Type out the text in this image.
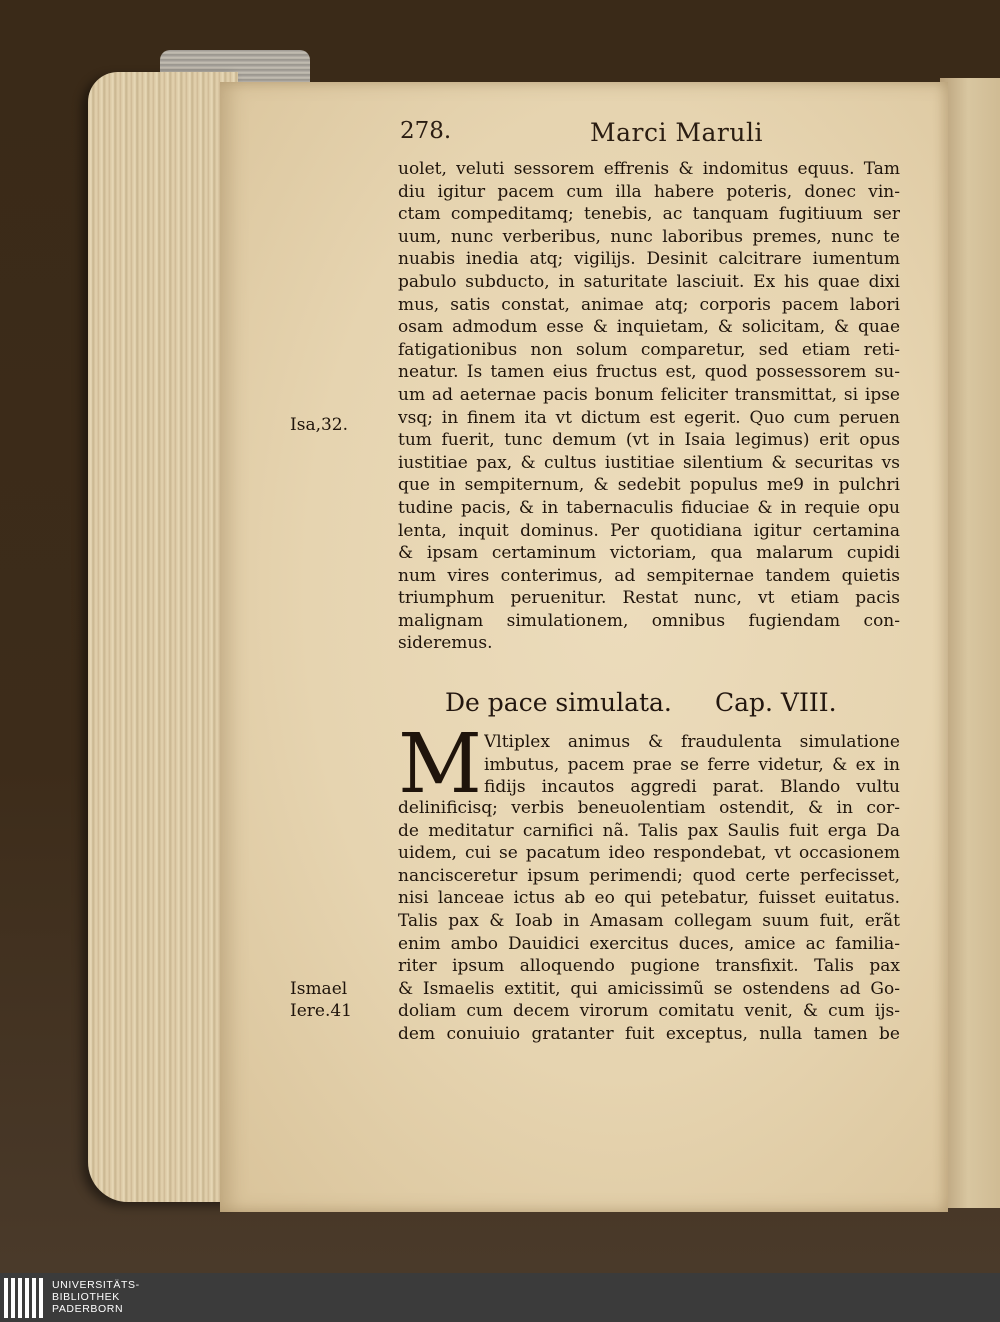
278.	Marci Maruli
Isa,32.
Ismael
Iere.41
uolet, veluti sessorem effrenis & indomitus equus. Tam
diu igitur pacem cum illa habere poteris, donec vin-
ctam compeditamq; tenebis, ac tanquam fugitiuum ser
uum, nunc verberibus, nunc laboribus premes, nunc te
nuabis inedia atq; vigilijs. Desinit calcitrare iumentum
pabulo subducto, in saturitate lasciuit. Ex his quae dixi
mus, satis constat, animae atq; corporis pacem labori
osam admodum esse & inquietam, & solicitam, & quae
fatigationibus non solum comparetur, sed etiam reti-
neatur. Is tamen eius fructus est, quod possessorem su-
um ad aeternae pacis bonum feliciter transmittat, si ipse
vsq; in finem ita vt dictum est egerit. Quo cum peruen
tum fuerit, tunc demum (vt in Isaia legimus) erit opus
iustitiae pax, & cultus iustitiae silentium & securitas vs
que in sempiternum, & sedebit populus me9 in pulchri
tudine pacis, & in tabernaculis fiduciae & in requie opu
lenta, inquit dominus. Per quotidiana igitur certamina
& ipsam certaminum victoriam, qua malarum cupidi
num vires conterimus, ad sempiternae tandem quietis
triumphum peruenitur. Restat nunc, vt etiam pacis
malignam simulationem, omnibus fugiendam con-
sideremus.
De pace simulata. Cap. VIII.
M Vltiplex animus & fraudulenta simulatione
imbutus, pacem prae se ferre videtur, & ex in
fidijs incautos aggredi parat. Blando vultu
delinificisq; verbis beneuolentiam ostendit, & in cor-
de meditatur carnifici nã. Talis pax Saulis fuit erga Da
uidem, cui se pacatum ideo respondebat, vt occasionem
nancisceretur ipsum perimendi; quod certe perfecisset,
nisi lanceae ictus ab eo qui petebatur, fuisset euitatus.
Talis pax & Ioab in Amasam collegam suum fuit, erãt
enim ambo Dauidici exercitus duces, amice ac familia-
riter ipsum alloquendo pugione transfixit. Talis pax
& Ismaelis extitit, qui amicissimũ se ostendens ad Go-
doliam cum decem virorum comitatu venit, & cum ijs-
dem conuiuio gratanter fuit exceptus, nulla tamen be
UNIVERSITÄTS-
BIBLIOTHEK
PADERBORN
